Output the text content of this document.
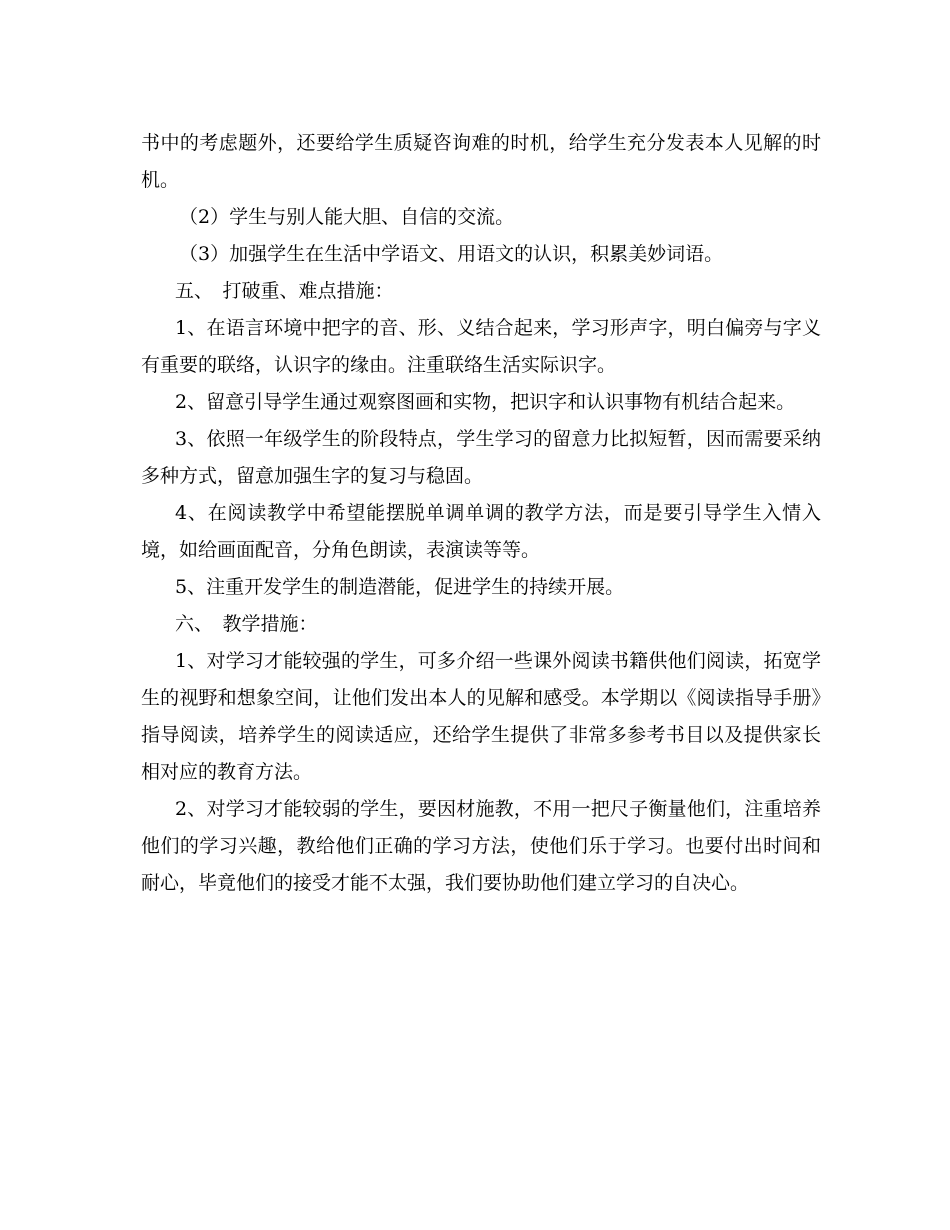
书中的考虑题外，还要给学生质疑咨询难的时机，给学生充分发表本人见解的时机。

（2）学生与别人能大胆、自信的交流。

（3）加强学生在生活中学语文、用语文的认识，积累美妙词语。

五、　打破重、难点措施：

1、在语言环境中把字的音、形、义结合起来，学习形声字，明白偏旁与字义有重要的联络，认识字的缘由。注重联络生活实际识字。

2、留意引导学生通过观察图画和实物，把识字和认识事物有机结合起来。

3、依照一年级学生的阶段特点，学生学习的留意力比拟短暂，因而需要采纳多种方式，留意加强生字的复习与稳固。

4、在阅读教学中希望能摆脱单调单调的教学方法，而是要引导学生入情入境，如给画面配音，分角色朗读，表演读等等。

5、注重开发学生的制造潜能，促进学生的持续开展。

六、　教学措施：

1、对学习才能较强的学生，可多介绍一些课外阅读书籍供他们阅读，拓宽学生的视野和想象空间，让他们发出本人的见解和感受。本学期以《阅读指导手册》指导阅读，培养学生的阅读适应，还给学生提供了非常多参考书目以及提供家长相对应的教育方法。

2、对学习才能较弱的学生，要因材施教，不用一把尺子衡量他们，注重培养他们的学习兴趣，教给他们正确的学习方法，使他们乐于学习。也要付出时间和耐心，毕竟他们的接受才能不太强，我们要协助他们建立学习的自决心。
